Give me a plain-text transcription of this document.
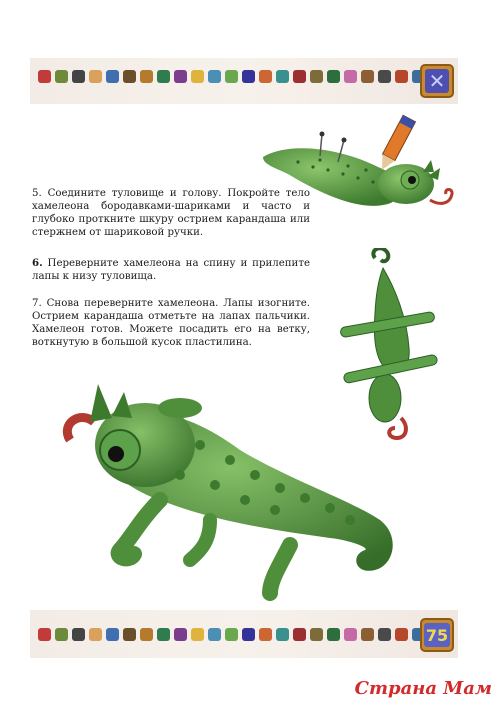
✕

5. Соедините туловище и голову. Покройте тело хамелеона бородавками-шариками и часто и глубоко проткните шкуру острием карандаша или стержнем от шариковой ручки.

6. Переверните хамелеона на спину и прилепите лапы к низу туловища.

7. Снова переверните хамелеона. Лапы изогните. Острием карандаша отметьте на лапах пальчики. Хамелеон готов. Можете посадить его на ветку, воткнутую в большой кусок пластилина.

75
Страна Мам
